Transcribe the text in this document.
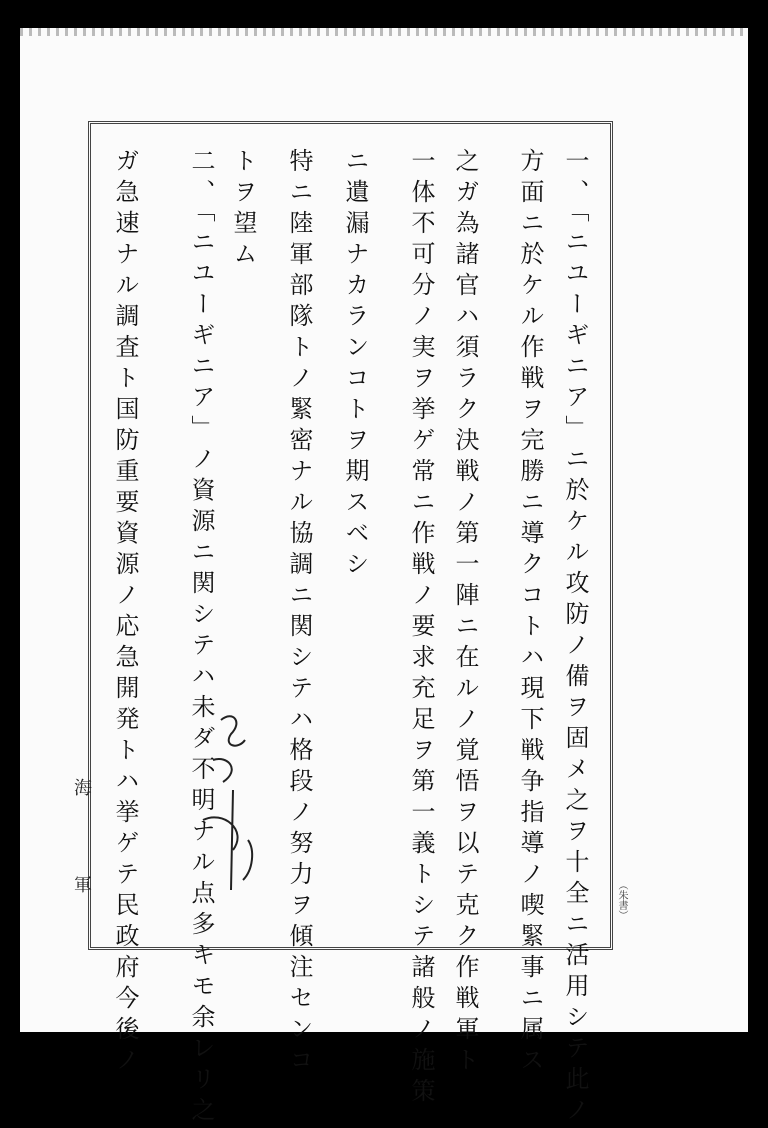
一、「ニユーギニア」ニ於ケル攻防ノ備ヲ固メ之ヲ十全ニ活用シテ此ノ
方面ニ於ケル作戦ヲ完勝ニ導クコトハ現下戦争指導ノ喫緊事ニ属ス
之ガ為諸官ハ須ラク決戦ノ第一陣ニ在ルノ覚悟ヲ以テ克ク作戦軍ト
一体不可分ノ実ヲ挙ゲ常ニ作戦ノ要求充足ヲ第一義トシテ諸般ノ施策
ニ遺漏ナカランコトヲ期スベシ
特ニ陸軍部隊トノ緊密ナル協調ニ関シテハ格段ノ努力ヲ傾注センコ
トヲ望ム
二、「ニユーギニア」ノ資源ニ関シテハ未ダ不明ナル点多キモ余レリ之
ガ急速ナル調査ト国防重要資源ノ応急開発トハ挙ゲテ民政府今後ノ
海
軍	（朱書）
